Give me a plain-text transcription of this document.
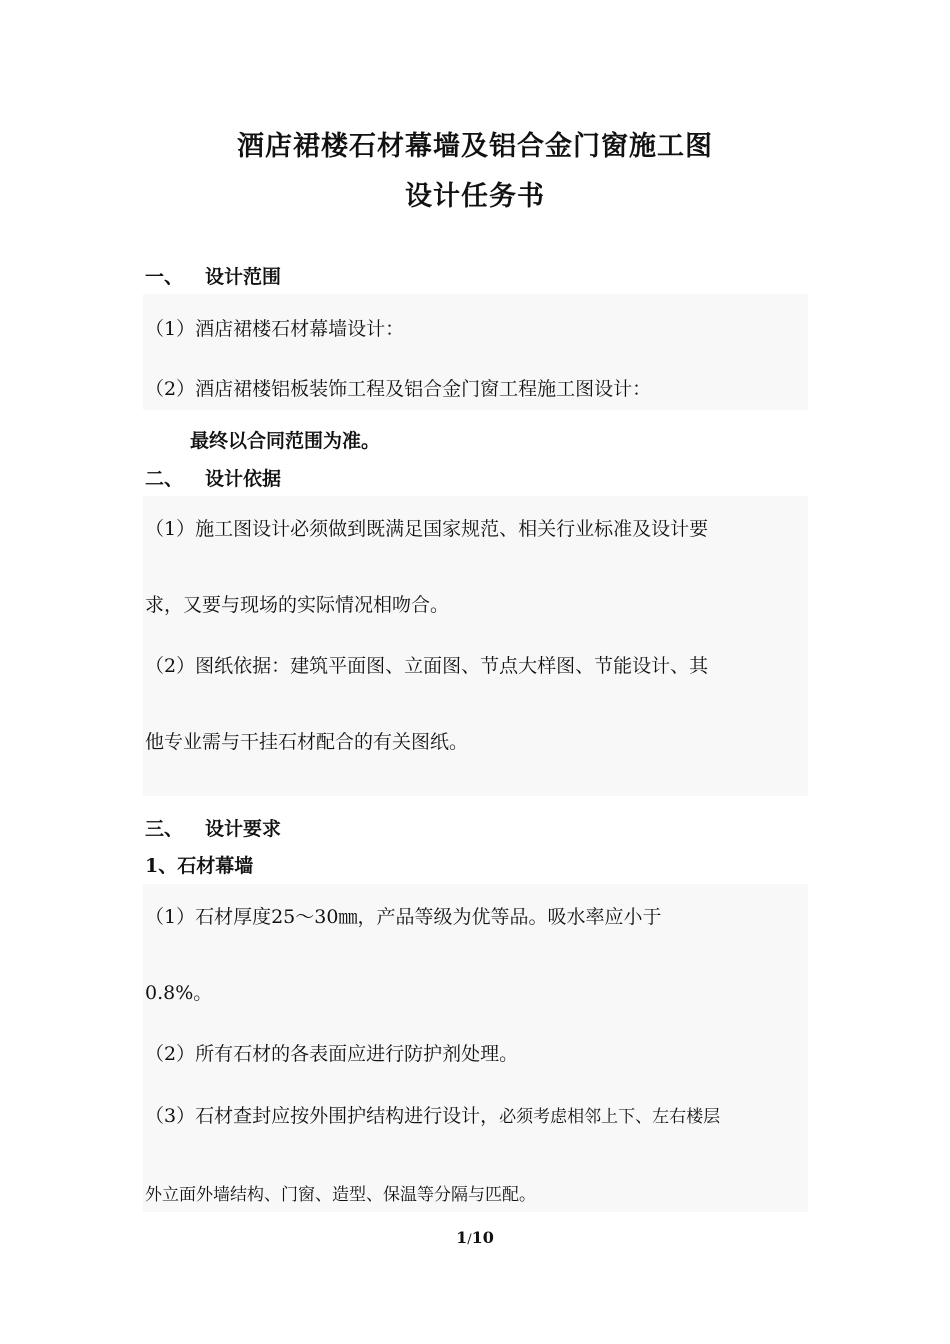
酒店裙楼石材幕墙及铝合金门窗施工图
设计任务书
一、 设计范围
（1）酒店裙楼石材幕墙设计：
（2）酒店裙楼铝板装饰工程及铝合金门窗工程施工图设计：
最终以合同范围为准。
二、 设计依据
（1）施工图设计必须做到既满足国家规范、相关行业标准及设计要
求，又要与现场的实际情况相吻合。
（2）图纸依据：建筑平面图、立面图、节点大样图、节能设计、其
他专业需与干挂石材配合的有关图纸。
三、 设计要求
1、石材幕墙
（1）石材厚度25～30㎜，产品等级为优等品。吸水率应小于
0.8%。
（2）所有石材的各表面应进行防护剂处理。
（3）石材查封应按外围护结构进行设计，必须考虑相邻上下、左右楼层
外立面外墙结构、门窗、造型、保温等分隔与匹配。
1/10
